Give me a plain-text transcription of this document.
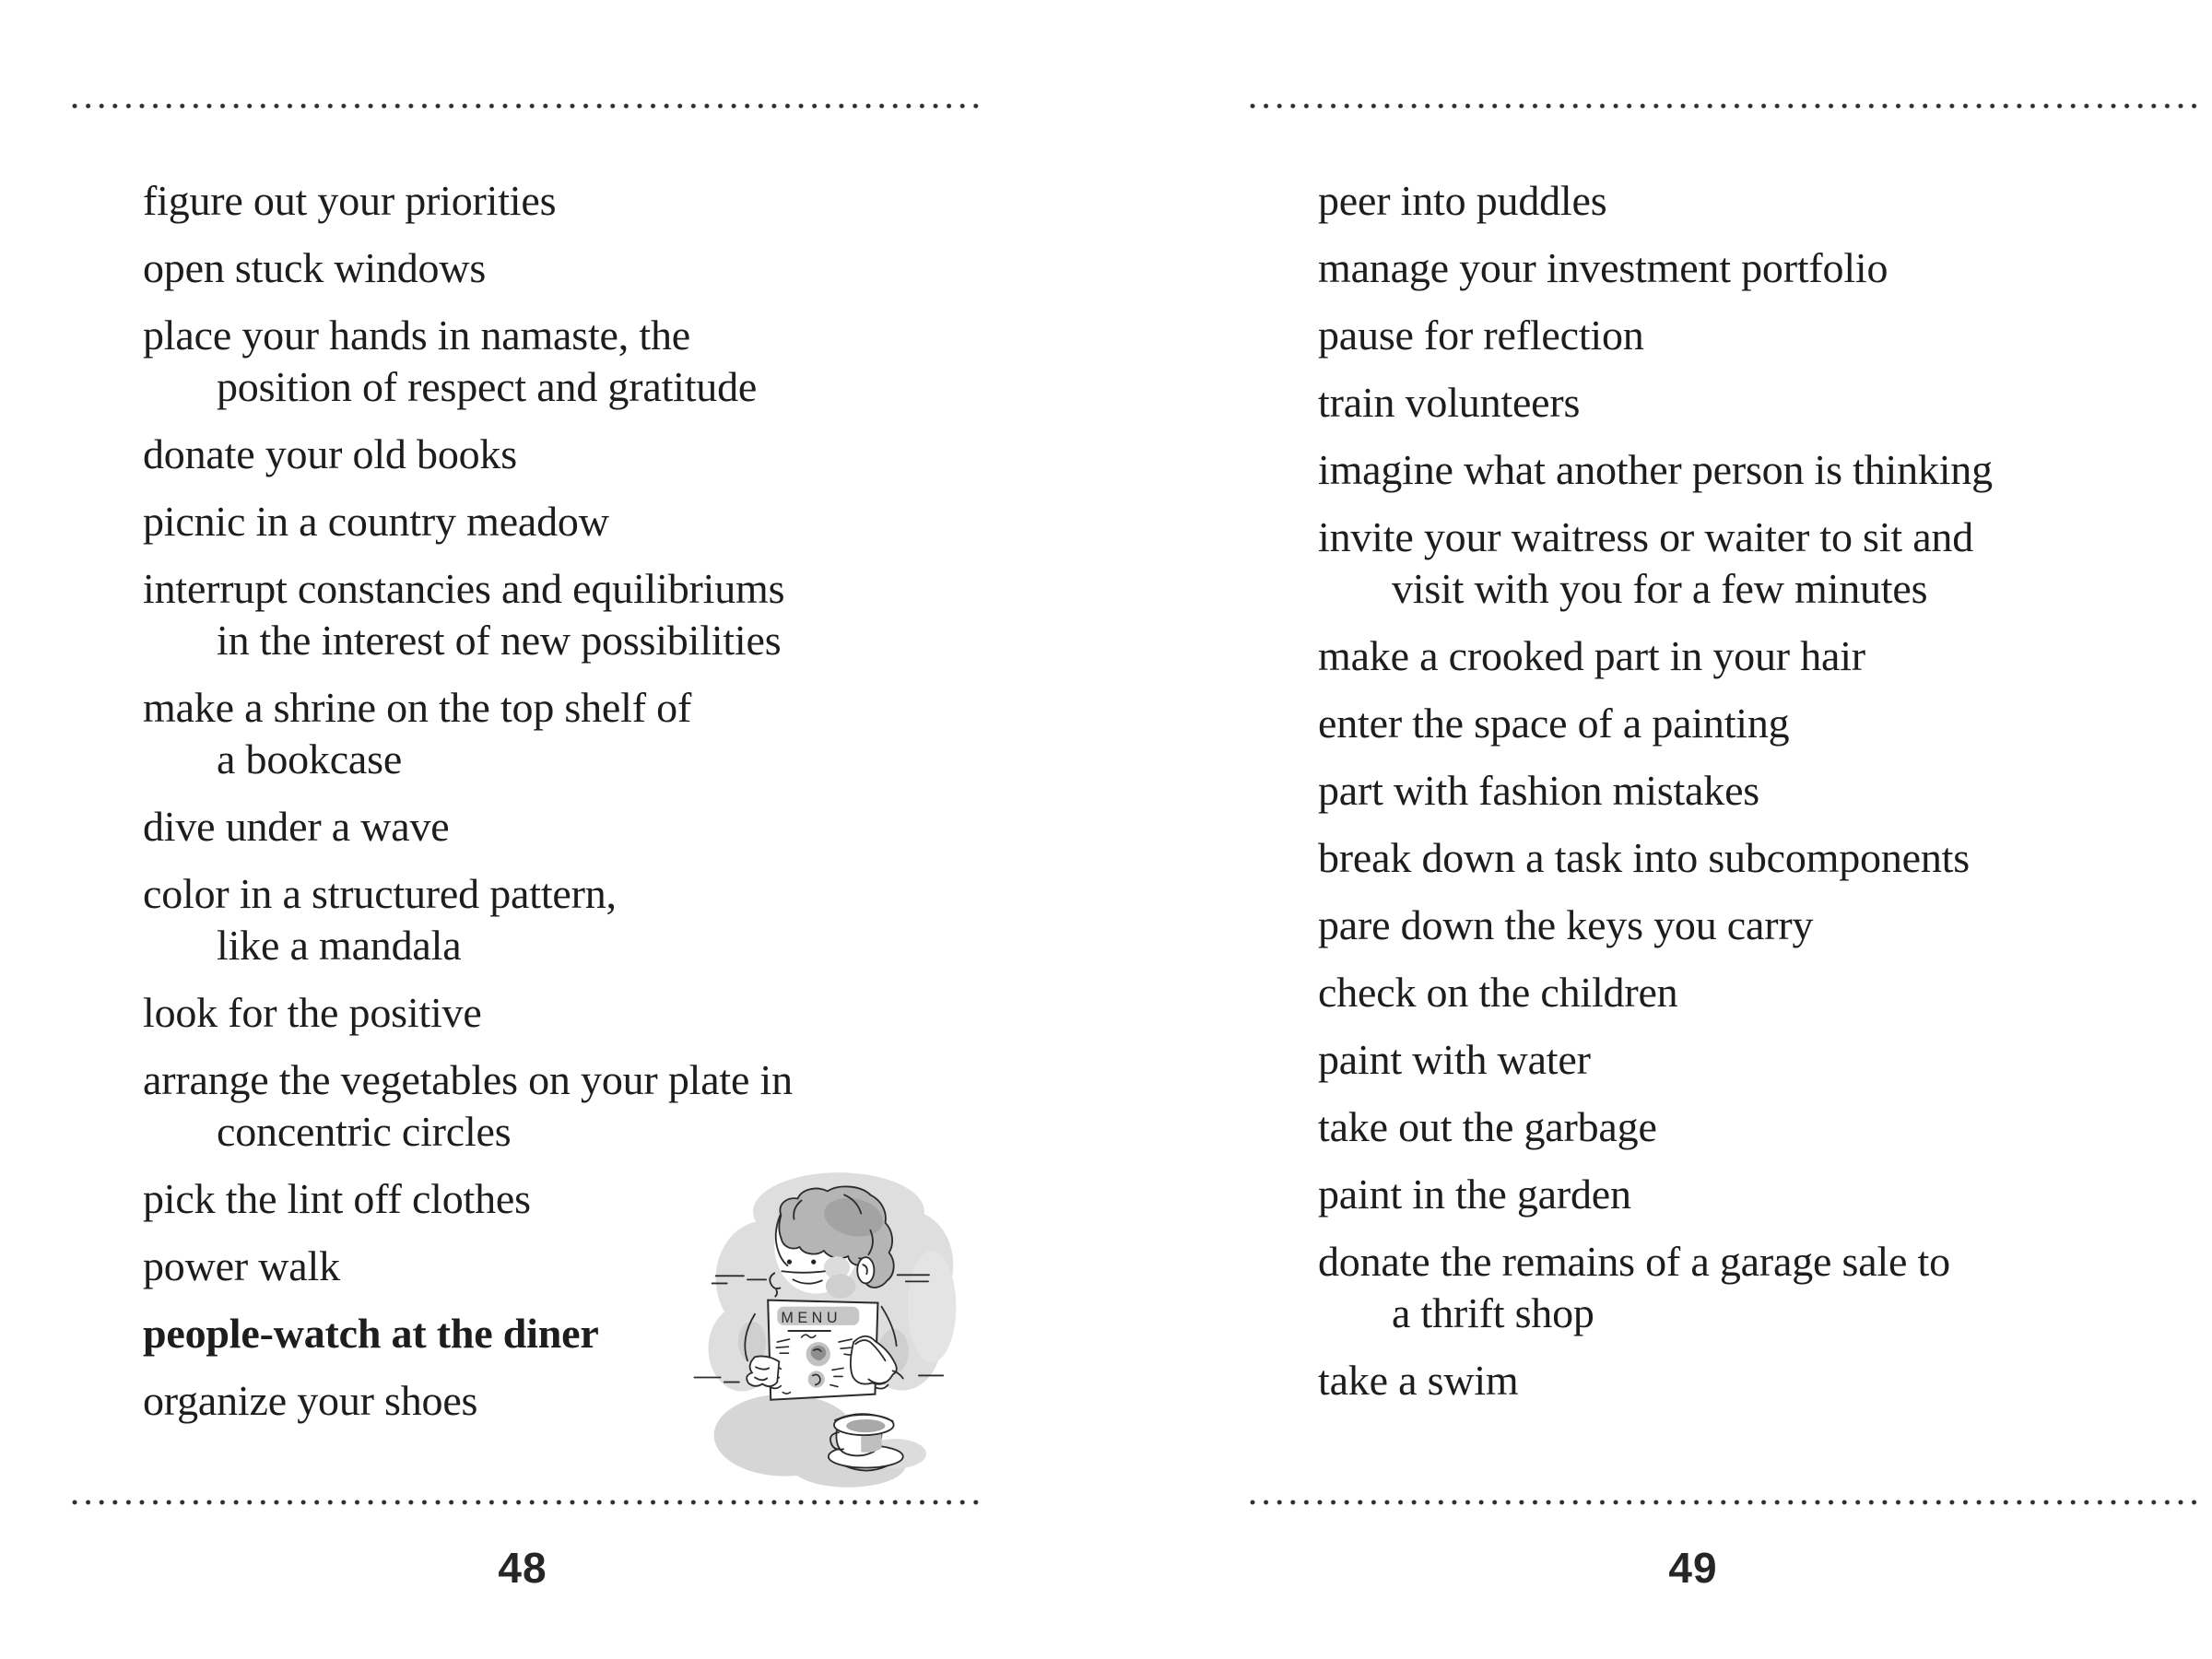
figure out your priorities
open stuck windows
place your hands in namaste, the
position of respect and gratitude
donate your old books
picnic in a country meadow
interrupt constancies and equilibriums
in the interest of new possibilities
make a shrine on the top shelf of
a bookcase
dive under a wave
color in a structured pattern,
like a mandala
look for the positive
arrange the vegetables on your plate in
concentric circles
pick the lint off clothes
power walk
people-watch at the diner
organize your shoes
peer into puddles
manage your investment portfolio
pause for reflection
train volunteers
imagine what another person is thinking
invite your waitress or waiter to sit and
visit with you for a few minutes
make a crooked part in your hair
enter the space of a painting
part with fashion mistakes
break down a task into subcomponents
pare down the keys you carry
check on the children
paint with water
take out the garbage
paint in the garden
donate the remains of a garage sale to
a thrift shop
take a swim
48	49
MENU
